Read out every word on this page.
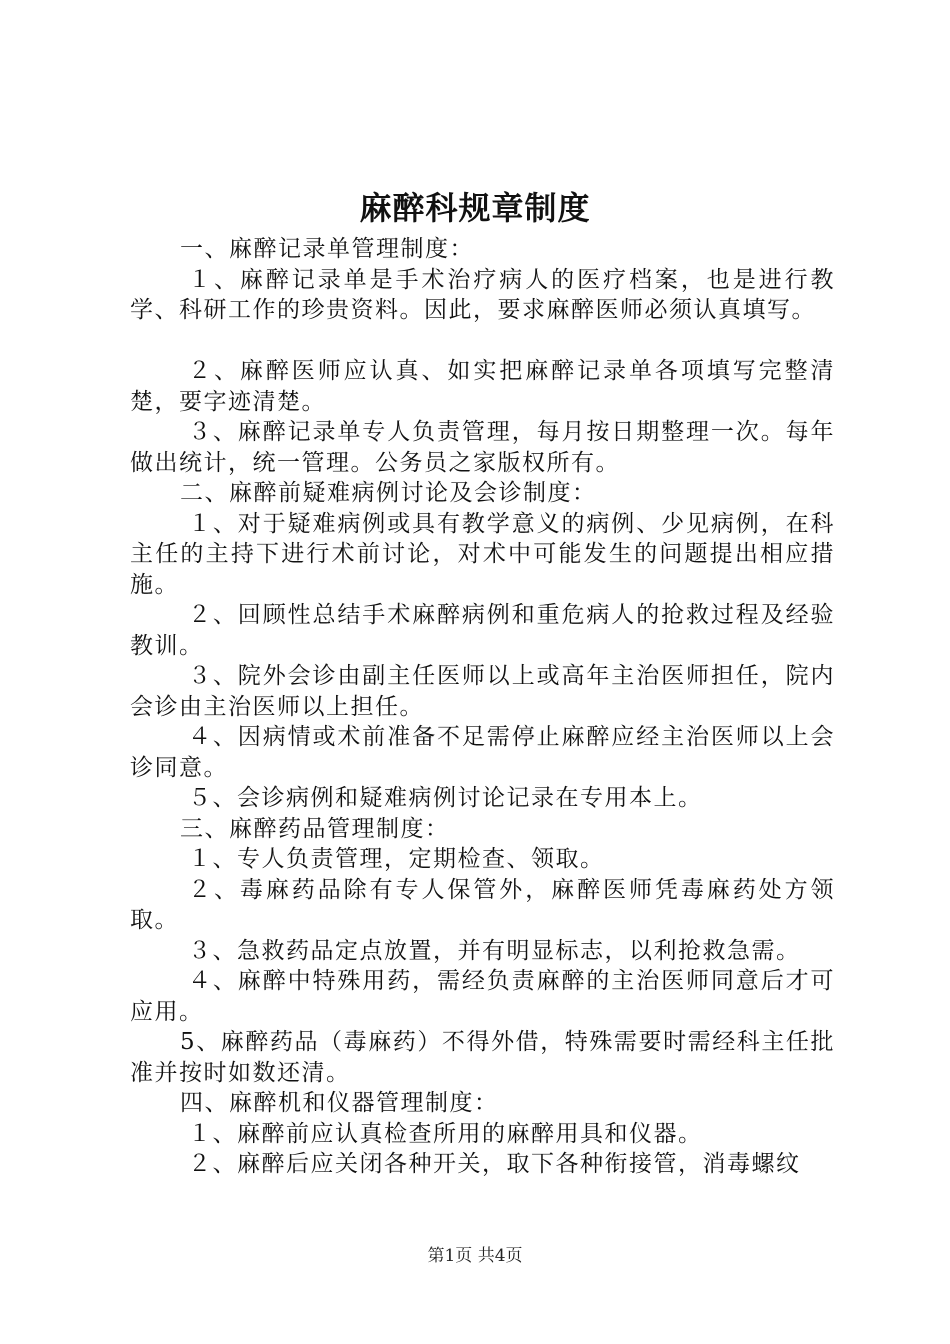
麻醉科规章制度

一、麻醉记录单管理制度：

１、麻醉记录单是手术治疗病人的医疗档案，也是进行教学、科研工作的珍贵资料。因此，要求麻醉医师必须认真填写。

２、麻醉医师应认真、如实把麻醉记录单各项填写完整清楚，要字迹清楚。

３、麻醉记录单专人负责管理，每月按日期整理一次。每年做出统计，统一管理。公务员之家版权所有。

二、麻醉前疑难病例讨论及会诊制度：

１、对于疑难病例或具有教学意义的病例、少见病例，在科主任的主持下进行术前讨论，对术中可能发生的问题提出相应措施。

２、回顾性总结手术麻醉病例和重危病人的抢救过程及经验教训。

３、院外会诊由副主任医师以上或高年主治医师担任，院内会诊由主治医师以上担任。

４、因病情或术前准备不足需停止麻醉应经主治医师以上会诊同意。

５、会诊病例和疑难病例讨论记录在专用本上。

三、麻醉药品管理制度：

１、专人负责管理，定期检查、领取。

２、毒麻药品除有专人保管外，麻醉医师凭毒麻药处方领取。

３、急救药品定点放置，并有明显标志，以利抢救急需。

４、麻醉中特殊用药，需经负责麻醉的主治医师同意后才可应用。

5、麻醉药品（毒麻药）不得外借，特殊需要时需经科主任批准并按时如数还清。

四、麻醉机和仪器管理制度：

１、麻醉前应认真检查所用的麻醉用具和仪器。

２、麻醉后应关闭各种开关，取下各种衔接管，消毒螺纹

第1页 共4页
